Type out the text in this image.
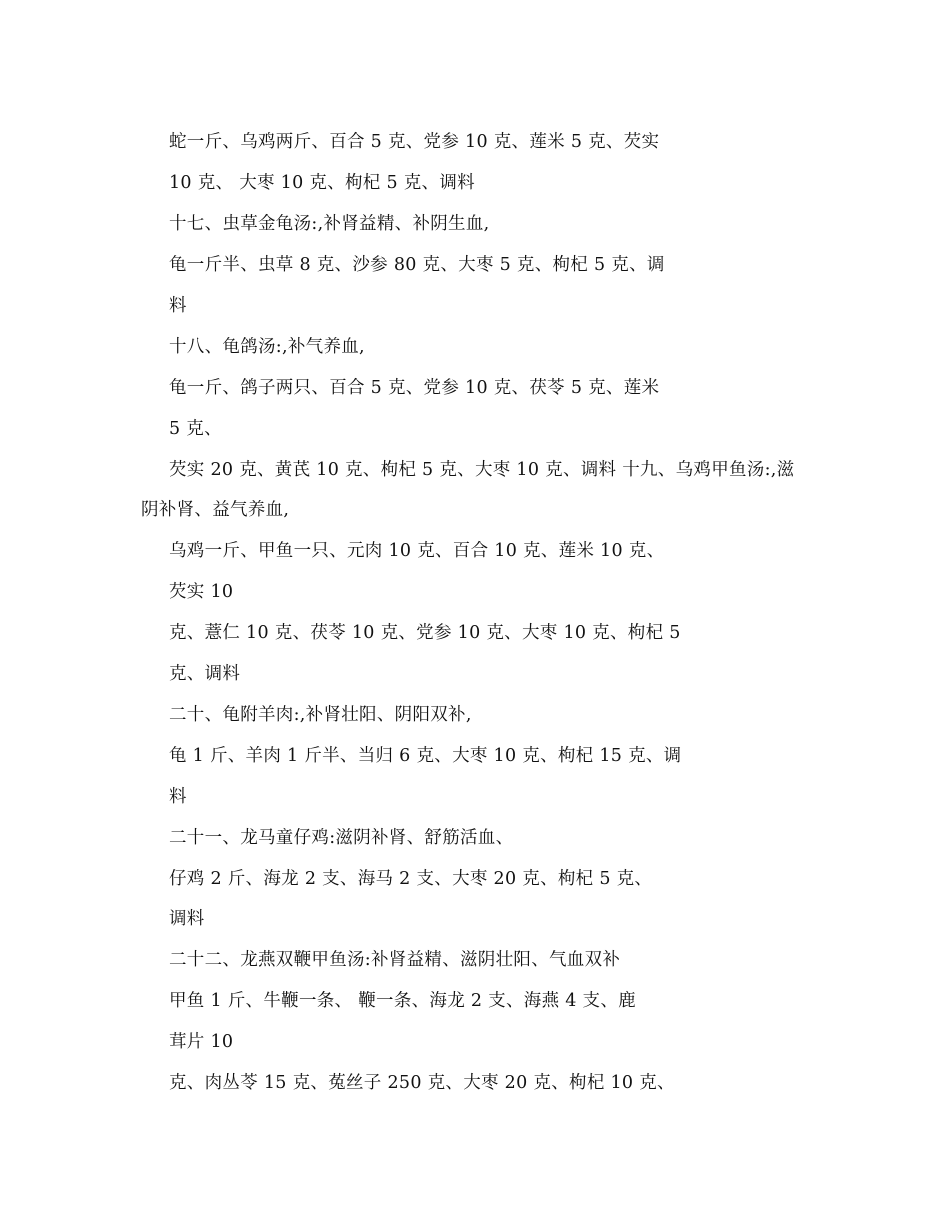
蛇一斤、乌鸡两斤、百合 5 克、党参 10 克、莲米 5 克、芡实
10 克、 大枣 10 克、枸杞 5 克、调料
十七、虫草金龟汤:,补肾益精、补阴生血,
龟一斤半、虫草 8 克、沙参 80 克、大枣 5 克、枸杞 5 克、调
料
十八、龟鸽汤:,补气养血,
龟一斤、鸽子两只、百合 5 克、党参 10 克、茯苓 5 克、莲米
5 克、
芡实 20 克、黄芪 10 克、枸杞 5 克、大枣 10 克、调料 十九、乌鸡甲鱼汤:,滋
阴补肾、益气养血,
乌鸡一斤、甲鱼一只、元肉 10 克、百合 10 克、莲米 10 克、
芡实 10
克、薏仁 10 克、茯苓 10 克、党参 10 克、大枣 10 克、枸杞 5
克、调料
二十、龟附羊肉:,补肾壮阳、阴阳双补,
龟 1 斤、羊肉 1 斤半、当归 6 克、大枣 10 克、枸杞 15 克、调
料
二十一、龙马童仔鸡:滋阴补肾、舒筋活血、
仔鸡 2 斤、海龙 2 支、海马 2 支、大枣 20 克、枸杞 5 克、
调料
二十二、龙燕双鞭甲鱼汤:补肾益精、滋阴壮阳、气血双补
甲鱼 1 斤、牛鞭一条、 鞭一条、海龙 2 支、海燕 4 支、鹿
茸片 10
克、肉丛苓 15 克、菟丝子 250 克、大枣 20 克、枸杞 10 克、
